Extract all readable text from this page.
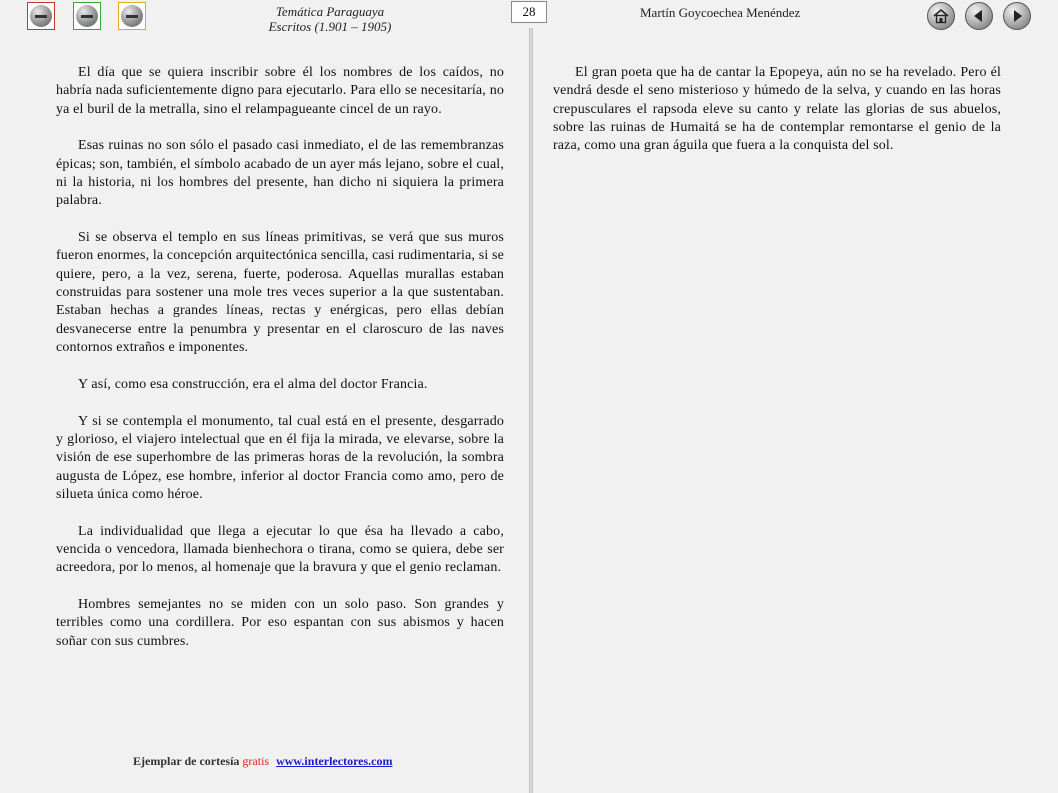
Temática Paraguaya
Escritos (1.901 – 1905)
28	Martín Goycoechea Menéndez

El día que se quiera inscribir sobre él los nombres de los caídos, no habría nada suficientemente digno para ejecutarlo. Para ello se necesitaría, no ya el buril de la metralla, sino el relampagueante cincel de un rayo.

Esas ruinas no son sólo el pasado casi inmediato, el de las remembranzas épicas; son, también, el símbolo acabado de un ayer más lejano, sobre el cual, ni la historia, ni los hombres del presente, han dicho ni siquiera la primera palabra.

Si se observa el templo en sus líneas primitivas, se verá que sus muros fueron enormes, la concepción arquitectónica sencilla, casi rudimentaria, si se quiere, pero, a la vez, serena, fuerte, poderosa. Aquellas murallas estaban construidas para sostener una mole tres veces superior a la que sustentaban. Estaban hechas a grandes líneas, rectas y enérgicas, pero ellas debían desvanecerse entre la penumbra y presentar en el claroscuro de las naves contornos extraños e imponentes.

Y así, como esa construcción, era el alma del doctor Francia.

Y si se contempla el monumento, tal cual está en el presente, desgarrado y glorioso, el viajero intelectual que en él fija la mirada, ve elevarse, sobre la visión de ese superhombre de las primeras horas de la revolución, la sombra augusta de López, ese hombre, inferior al doctor Francia como amo, pero de silueta única como héroe.

La individualidad que llega a ejecutar lo que ésa ha llevado a cabo, vencida o vencedora, llamada bienhechora o tirana, como se quiera, debe ser acreedora, por lo menos, al homenaje que la bravura y que el genio reclaman.

Hombres semejantes no se miden con un solo paso. Son grandes y terribles como una cordillera. Por eso espantan con sus abismos y hacen soñar con sus cumbres.

El gran poeta que ha de cantar la Epopeya, aún no se ha revelado. Pero él vendrá desde el seno misterioso y húmedo de la selva, y cuando en las horas crepusculares el rapsoda eleve su canto y relate las glorias de sus abuelos, sobre las ruinas de Humaitá se ha de contemplar remontarse el genio de la raza, como una gran águila que fuera a la conquista del sol.

Ejemplar de cortesía gratis www.interlectores.com
